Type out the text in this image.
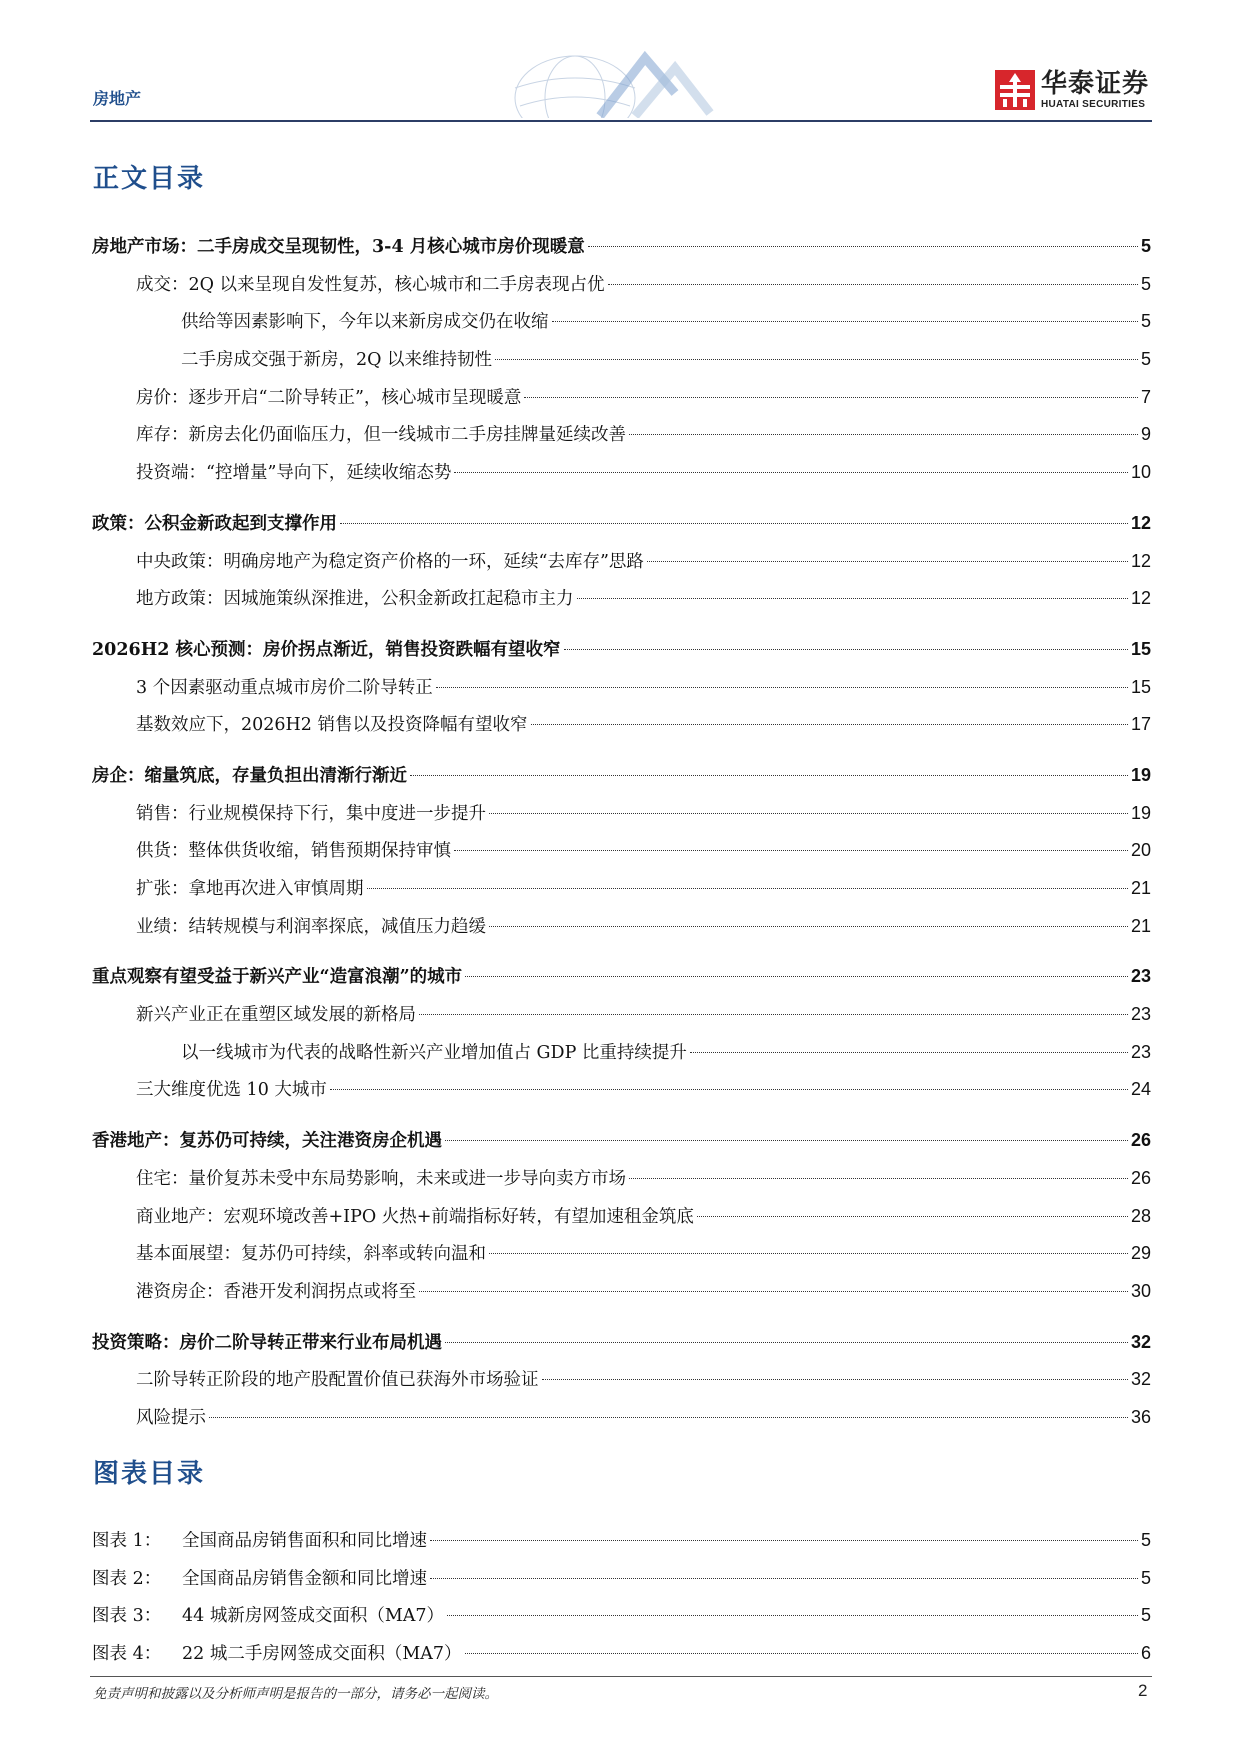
房地产	华泰证券
HUATAI SECURITIES
正文目录
房地产市场：二手房成交呈现韧性，3-4 月核心城市房价现暖意	5
成交：2Q 以来呈现自发性复苏，核心城市和二手房表现占优	5
供给等因素影响下，今年以来新房成交仍在收缩	5
二手房成交强于新房，2Q 以来维持韧性	5
房价：逐步开启“二阶导转正”，核心城市呈现暖意	7
库存：新房去化仍面临压力，但一线城市二手房挂牌量延续改善	9
投资端：“控增量”导向下，延续收缩态势	10
政策：公积金新政起到支撑作用	12
中央政策：明确房地产为稳定资产价格的一环，延续“去库存”思路	12
地方政策：因城施策纵深推进，公积金新政扛起稳市主力	12
2026H2 核心预测：房价拐点渐近，销售投资跌幅有望收窄	15
3 个因素驱动重点城市房价二阶导转正	15
基数效应下，2026H2 销售以及投资降幅有望收窄	17
房企：缩量筑底，存量负担出清渐行渐近	19
销售：行业规模保持下行，集中度进一步提升	19
供货：整体供货收缩，销售预期保持审慎	20
扩张：拿地再次进入审慎周期	21
业绩：结转规模与利润率探底，减值压力趋缓	21
重点观察有望受益于新兴产业“造富浪潮”的城市	23
新兴产业正在重塑区域发展的新格局	23
以一线城市为代表的战略性新兴产业增加值占 GDP 比重持续提升	23
三大维度优选 10 大城市	24
香港地产：复苏仍可持续，关注港资房企机遇	26
住宅：量价复苏未受中东局势影响，未来或进一步导向卖方市场	26
商业地产：宏观环境改善+IPO 火热+前端指标好转，有望加速租金筑底	28
基本面展望：复苏仍可持续，斜率或转向温和	29
港资房企：香港开发利润拐点或将至	30
投资策略：房价二阶导转正带来行业布局机遇	32
二阶导转正阶段的地产股配置价值已获海外市场验证	32
风险提示	36
图表目录
图表 1：	全国商品房销售面积和同比增速	5
图表 2：	全国商品房销售金额和同比增速	5
图表 3：	44 城新房网签成交面积（MA7）	5
图表 4：	22 城二手房网签成交面积（MA7）	6
免责声明和披露以及分析师声明是报告的一部分，请务必一起阅读。	2
